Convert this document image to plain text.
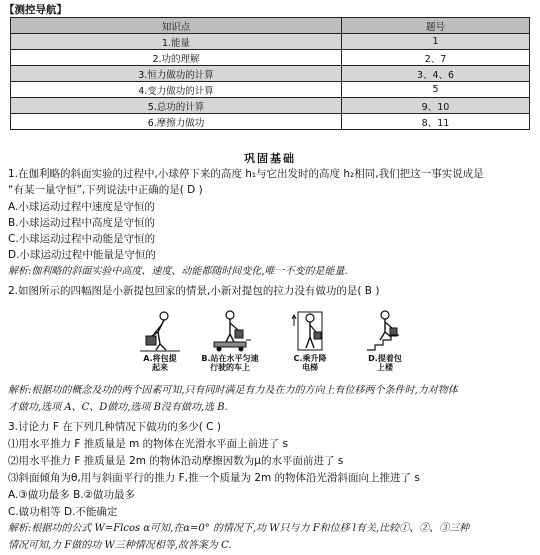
【测控导航】
知识点	题号
1.能量	1
2.功的理解	2、7
3.恒力做功的计算	3、4、6
4.变力做功的计算	5
5.总功的计算	9、10
6.摩擦力做功	8、11
巩固基础
1.在伽利略的斜面实验的过程中,小球停下来的高度 h₁与它出发时的高度 h₂相同,我们把这一事实说成是
“有某一量守恒”,下列说法中正确的是( D )
A.小球运动过程中速度是守恒的
B.小球运动过程中高度是守恒的
C.小球运动过程中动能是守恒的
D.小球运动过程中能量是守恒的
解析:伽利略的斜面实验中高度、速度、动能都随时间变化,唯一不变的是能量.
2.如图所示的四幅图是小新提包回家的情景,小新对提包的拉力没有做功的是( B )
A.将包提
起来
B.站在水平匀速
行驶的车上
C.乘升降
电梯
D.提着包
上楼
解析:根据功的概念及功的两个因素可知,只有同时满足有力及在力的方向上有位移两个条件时,力对物体
才做功,选项 A、C、D做功,选项 B没有做功,选 B.
3.讨论力 F 在下列几种情况下做功的多少( C )
⑴用水平推力 F 推质量是 m 的物体在光滑水平面上前进了 s
⑵用水平推力 F 推质量是 2m 的物体沿动摩擦因数为μ的水平面前进了 s
⑶斜面倾角为θ,用与斜面平行的推力 F,推一个质量为 2m 的物体沿光滑斜面向上推进了 s
A.③做功最多 B.②做功最多
C.做功相等 D.不能确定
解析:根据功的公式 W=Flcos α可知,在α=0° 的情况下,功 W只与力 F和位移 l有关,比较①、②、③三种
情况可知,力 F做的功 W三种情况相等,故答案为 C.
